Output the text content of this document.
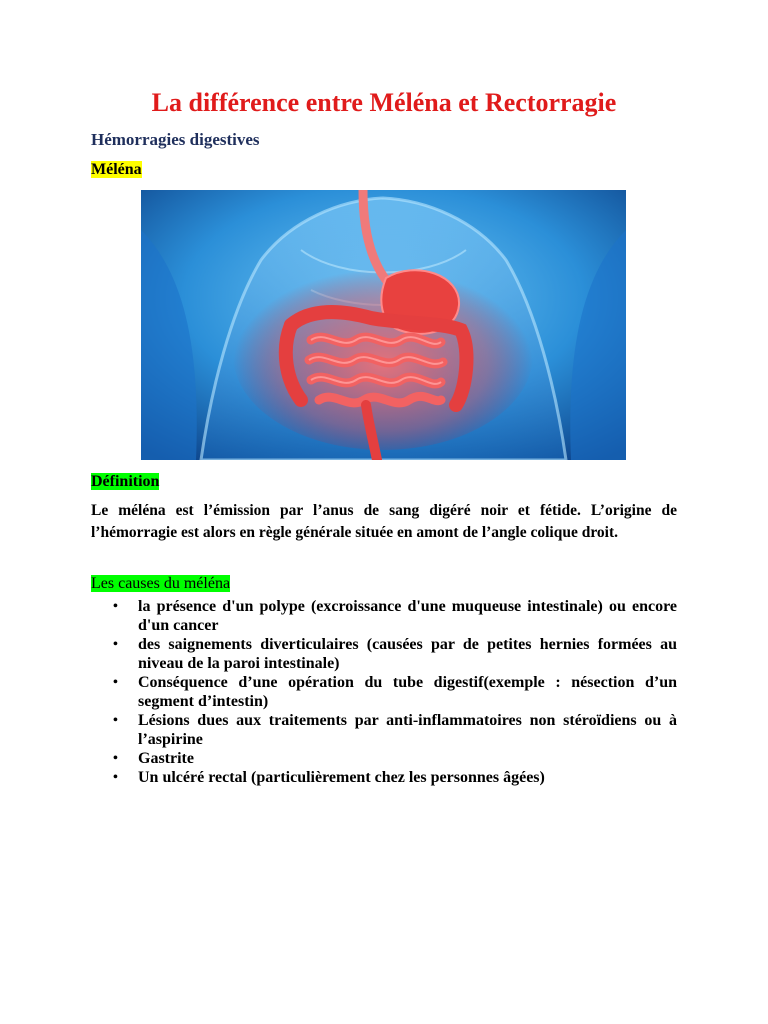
La différence entre Méléna et Rectorragie
Hémorragies digestives
Méléna
Définition
Le méléna est l’émission par l’anus de sang digéré noir et fétide. L’origine de l’hémorragie est alors en règle générale située en amont de l’angle colique droit.
Les causes du méléna
• la présence d'un polype (excroissance d'une muqueuse intestinale) ou encore d'un cancer
• des saignements diverticulaires (causées par de petites hernies formées au niveau de la paroi intestinale)
• Conséquence d’une opération du tube digestif(exemple : nésection d’un segment d’intestin)
• Lésions dues aux traitements par anti-inflammatoires non stéroïdiens ou à l’aspirine
• Gastrite
• Un ulcéré rectal (particulièrement chez les personnes âgées)
